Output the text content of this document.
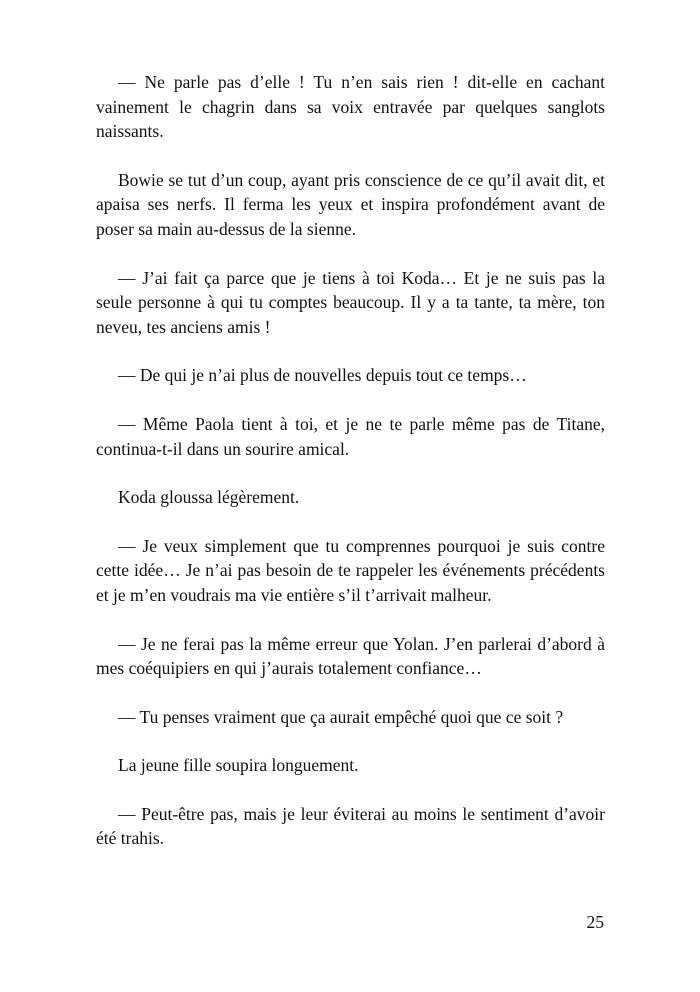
— Ne parle pas d’elle ! Tu n’en sais rien ! dit-elle en cachant vainement le chagrin dans sa voix entravée par quelques sanglots naissants.

Bowie se tut d’un coup, ayant pris conscience de ce qu’il avait dit, et apaisa ses nerfs. Il ferma les yeux et inspira profondément avant de poser sa main au-dessus de la sienne.

— J’ai fait ça parce que je tiens à toi Koda… Et je ne suis pas la seule personne à qui tu comptes beaucoup. Il y a ta tante, ta mère, ton neveu, tes anciens amis !

— De qui je n’ai plus de nouvelles depuis tout ce temps…

— Même Paola tient à toi, et je ne te parle même pas de Titane, continua-t-il dans un sourire amical.

Koda gloussa légèrement.

— Je veux simplement que tu comprennes pourquoi je suis contre cette idée… Je n’ai pas besoin de te rappeler les événements précédents et je m’en voudrais ma vie entière s’il t’arrivait malheur.

— Je ne ferai pas la même erreur que Yolan. J’en parlerai d’abord à mes coéquipiers en qui j’aurais totalement confiance…

— Tu penses vraiment que ça aurait empêché quoi que ce soit ?

La jeune fille soupira longuement.

— Peut-être pas, mais je leur éviterai au moins le sentiment d’avoir été trahis.

25
